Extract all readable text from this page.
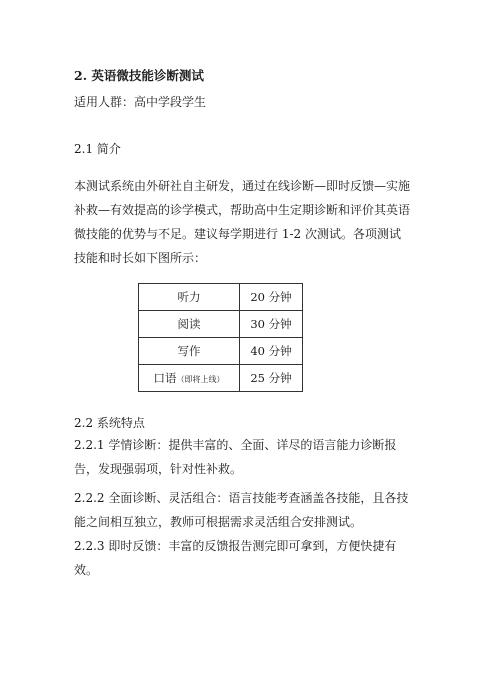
2. 英语微技能诊断测试
适用人群：高中学段学生
2.1 简介
本测试系统由外研社自主研发，通过在线诊断—即时反馈—实施补救—有效提高的诊学模式，帮助高中生定期诊断和评价其英语微技能的优势与不足。建议每学期进行 1-2 次测试。各项测试技能和时长如下图所示：
听力	20 分钟
阅读	30 分钟
写作	40 分钟
口语（即将上线）	25 分钟
2.2 系统特点
2.2.1 学情诊断：提供丰富的、全面、详尽的语言能力诊断报告，发现强弱项，针对性补救。
2.2.2 全面诊断、灵活组合：语言技能考查涵盖各技能，且各技能之间相互独立，教师可根据需求灵活组合安排测试。
2.2.3 即时反馈：丰富的反馈报告测完即可拿到，方便快捷有效。
